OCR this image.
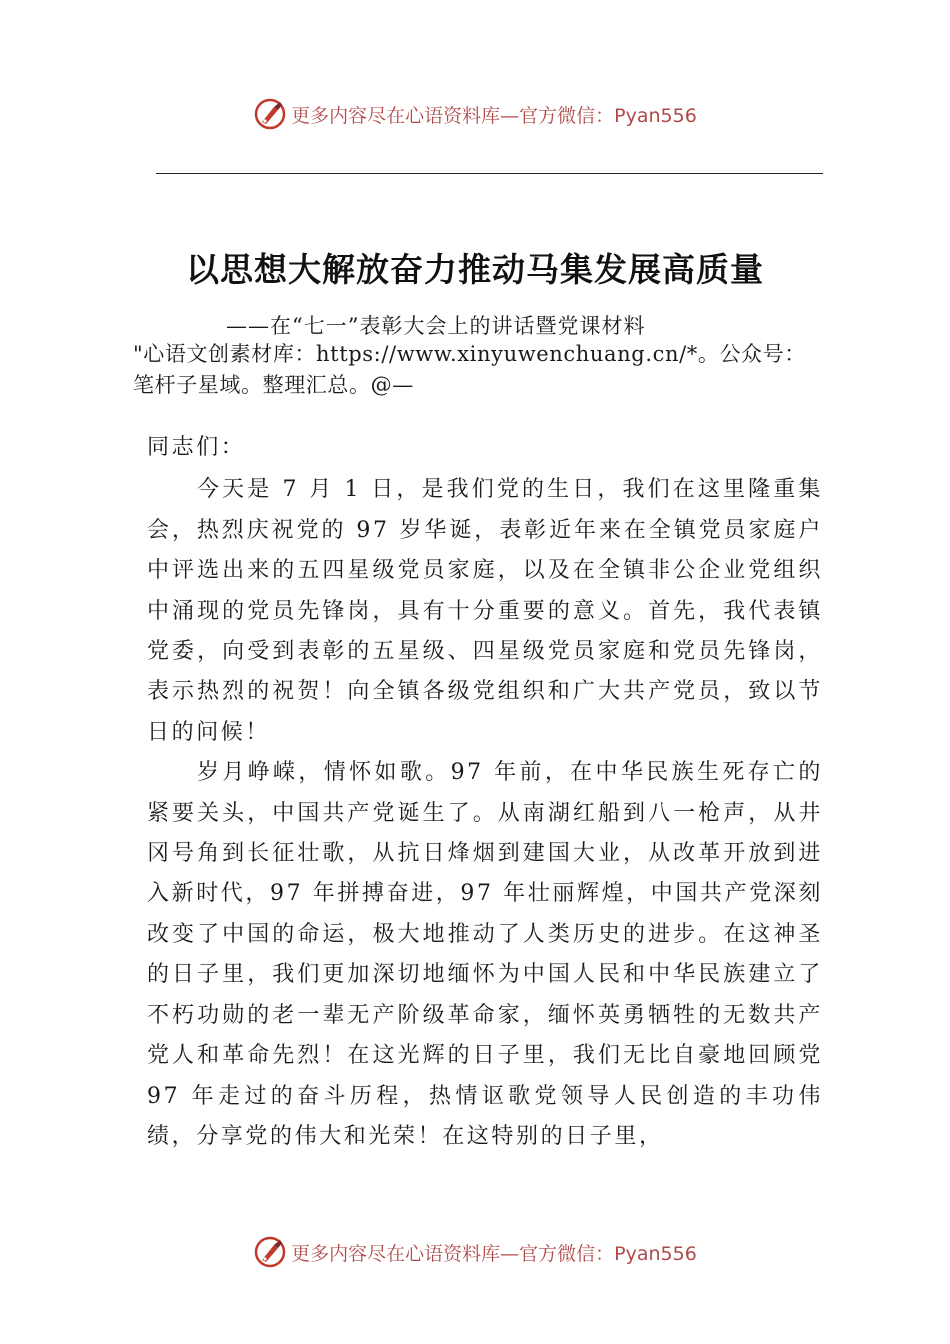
更多内容尽在心语资料库—官方微信：Pyan556
以思想大解放奋力推动马集发展高质量
——在“七一”表彰大会上的讲话暨党课材料
"心语文创素材库：https://www.xinyuwenchuang.cn/*。公众号：笔杆子星域。整理汇总。@—

同志们：

今天是 7 月 1 日，是我们党的生日，我们在这里隆重集会，热烈庆祝党的 97 岁华诞，表彰近年来在全镇党员家庭户中评选出来的五四星级党员家庭，以及在全镇非公企业党组织中涌现的党员先锋岗，具有十分重要的意义。首先，我代表镇党委，向受到表彰的五星级、四星级党员家庭和党员先锋岗，表示热烈的祝贺！向全镇各级党组织和广大共产党员，致以节日的问候！

岁月峥嵘，情怀如歌。97 年前，在中华民族生死存亡的紧要关头，中国共产党诞生了。从南湖红船到八一枪声，从井冈号角到长征壮歌，从抗日烽烟到建国大业，从改革开放到进入新时代，97 年拼搏奋进，97 年壮丽辉煌，中国共产党深刻改变了中国的命运，极大地推动了人类历史的进步。在这神圣的日子里，我们更加深切地缅怀为中国人民和中华民族建立了不朽功勋的老一辈无产阶级革命家，缅怀英勇牺牲的无数共产党人和革命先烈！在这光辉的日子里，我们无比自豪地回顾党 97 年走过的奋斗历程，热情讴歌党领导人民创造的丰功伟绩，分享党的伟大和光荣！在这特别的日子里，

更多内容尽在心语资料库—官方微信：Pyan556
